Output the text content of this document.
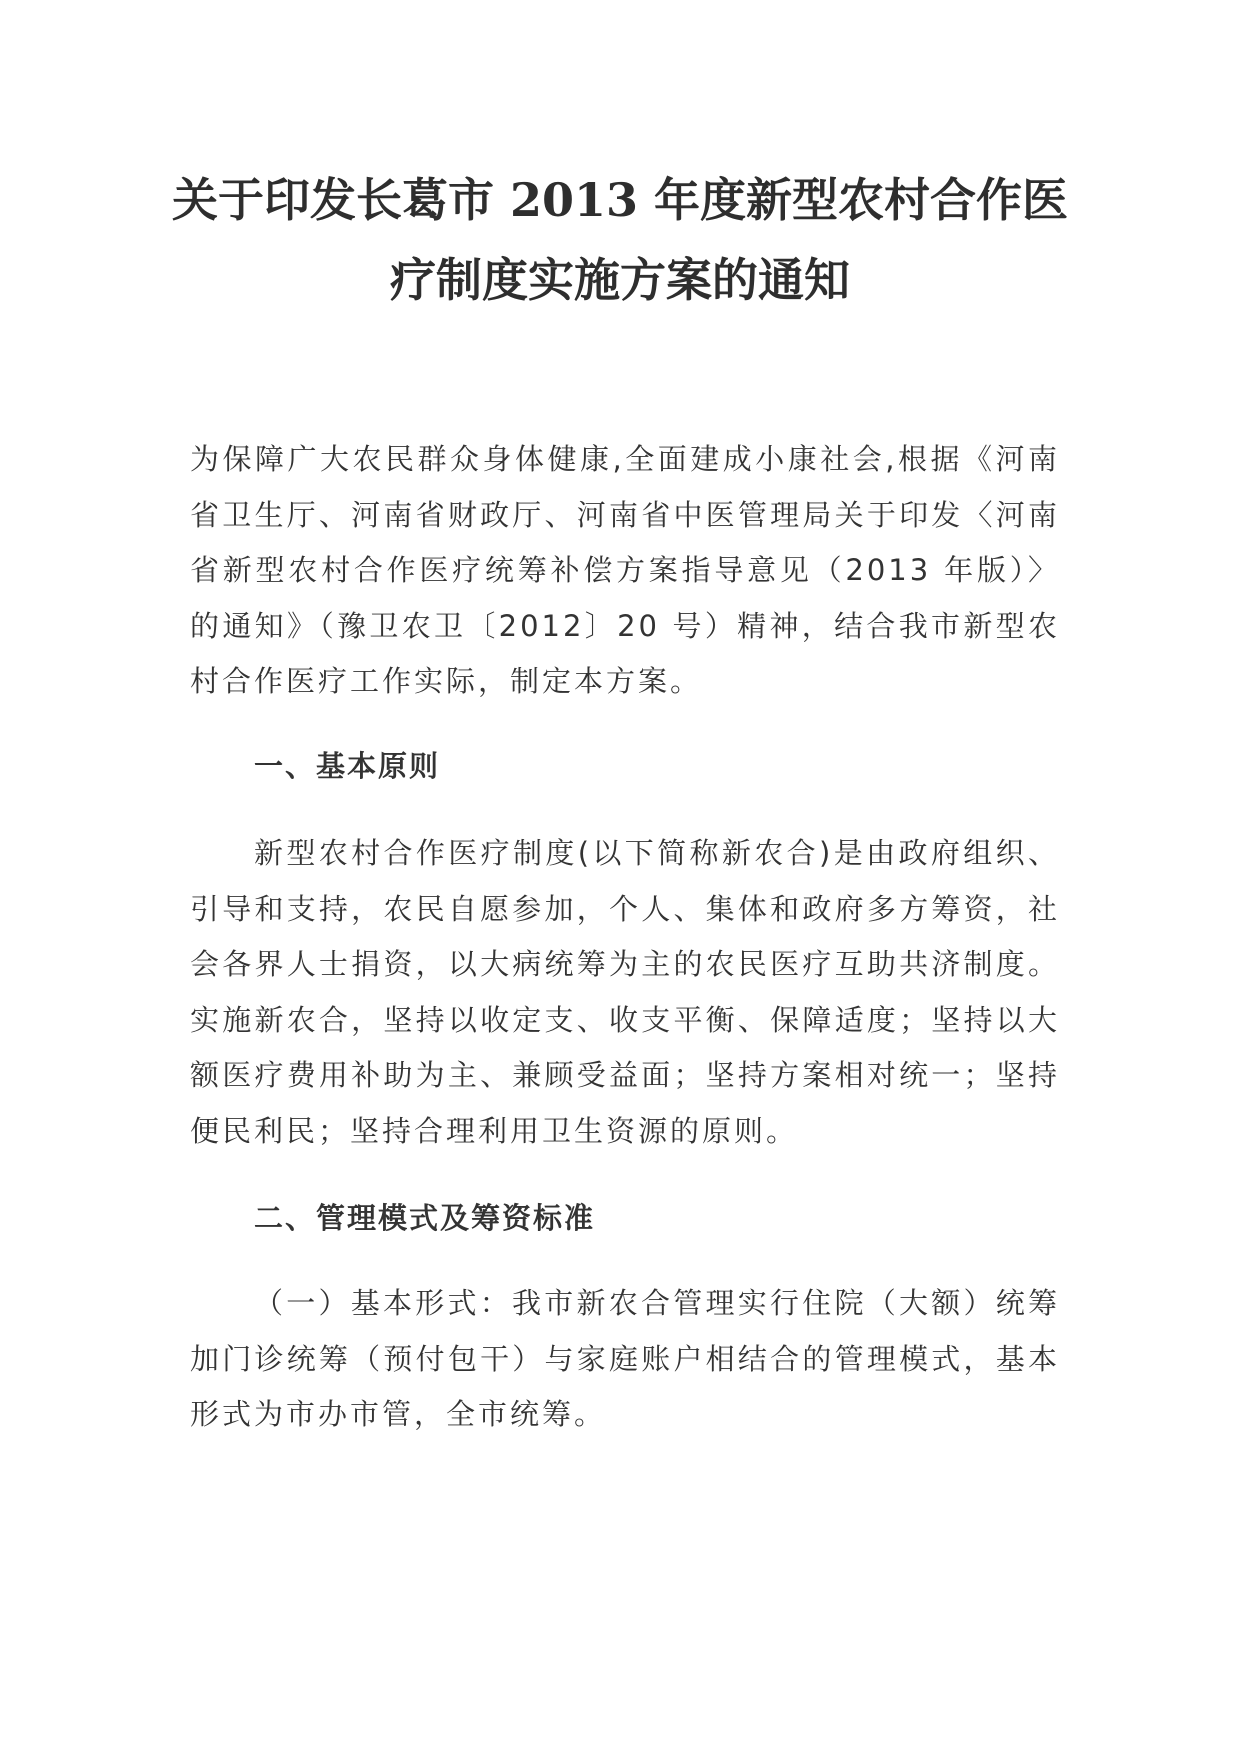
关于印发长葛市 2013 年度新型农村合作医
疗制度实施方案的通知

为保障广大农民群众身体健康,全面建成小康社会,根据《河南省卫生厅、河南省财政厅、河南省中医管理局关于印发〈河南省新型农村合作医疗统筹补偿方案指导意见（2013 年版）〉的通知》（豫卫农卫〔2012〕20 号）精神，结合我市新型农村合作医疗工作实际，制定本方案。

一、基本原则

新型农村合作医疗制度(以下简称新农合)是由政府组织、引导和支持，农民自愿参加，个人、集体和政府多方筹资，社会各界人士捐资，以大病统筹为主的农民医疗互助共济制度。实施新农合，坚持以收定支、收支平衡、保障适度；坚持以大额医疗费用补助为主、兼顾受益面；坚持方案相对统一；坚持便民利民；坚持合理利用卫生资源的原则。

二、管理模式及筹资标准

（一）基本形式：我市新农合管理实行住院（大额）统筹加门诊统筹（预付包干）与家庭账户相结合的管理模式，基本形式为市办市管，全市统筹。
